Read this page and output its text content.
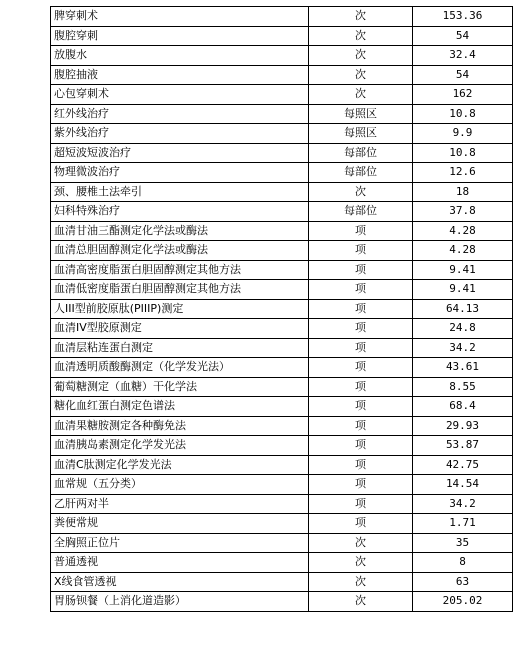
脾穿刺术	次	153.36
腹腔穿刺	次	54
放腹水	次	32.4
腹腔抽液	次	54
心包穿刺术	次	162
红外线治疗	每照区	10.8
紫外线治疗	每照区	9.9
超短波短波治疗	每部位	10.8
物理微波治疗	每部位	12.6
颈、腰椎土法牵引	次	18
妇科特殊治疗	每部位	37.8
血清甘油三酯测定化学法或酶法	项	4.28
血清总胆固醇测定化学法或酶法	项	4.28
血清高密度脂蛋白胆固醇测定其他方法	项	9.41
血清低密度脂蛋白胆固醇测定其他方法	项	9.41
人III型前胶原肽(PIIIP)测定	项	64.13
血清IV型胶原测定	项	24.8
血清层粘连蛋白测定	项	34.2
血清透明质酸酶测定（化学发光法）	项	43.61
葡萄糖测定（血糖）干化学法	项	8.55
糖化血红蛋白测定色谱法	项	68.4
血清果糖胺测定各种酶免法	项	29.93
血清胰岛素测定化学发光法	项	53.87
血清C肽测定化学发光法	项	42.75
血常规（五分类）	项	14.54
乙肝两对半	项	34.2
粪便常规	项	1.71
全胸照正位片	次	35
普通透视	次	8
X线食管透视	次	63
胃肠钡餐（上消化道造影）	次	205.02
